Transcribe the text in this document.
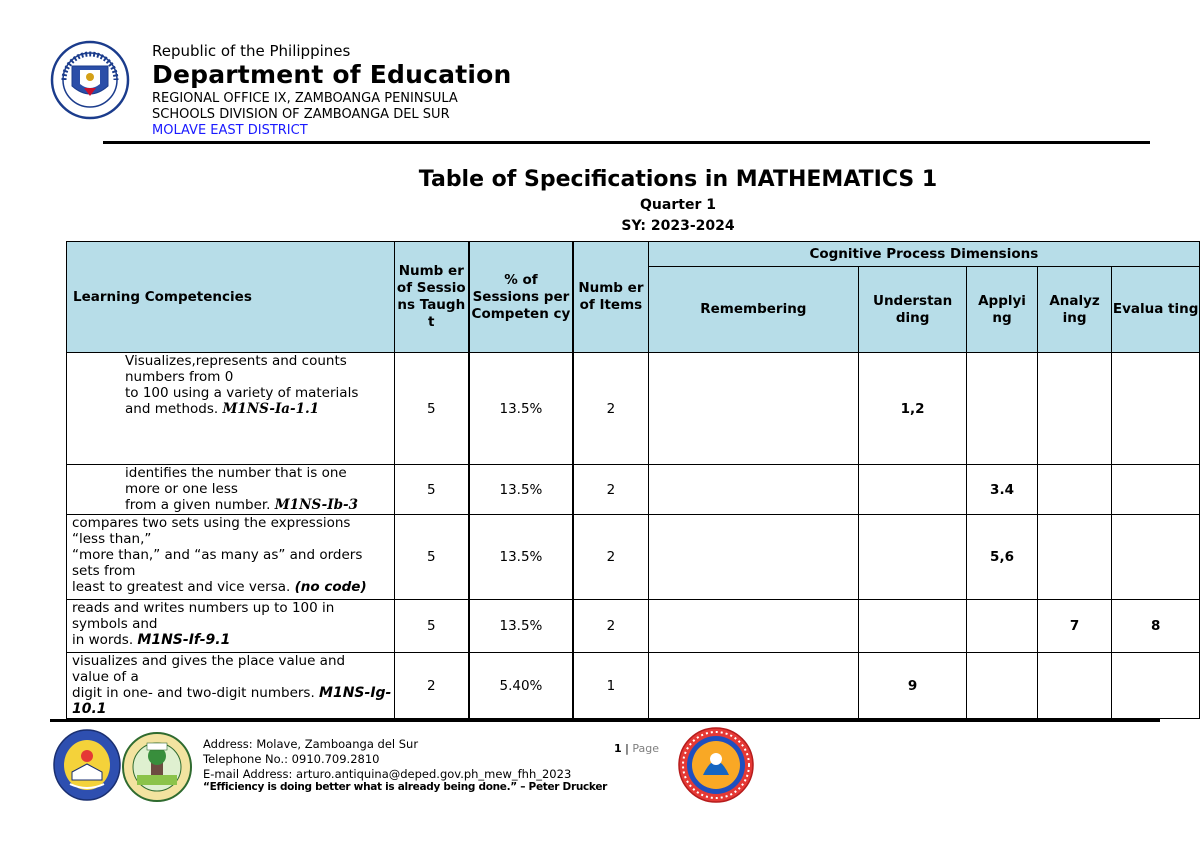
Republic of the Philippines
Department of Education
REGIONAL OFFICE IX, ZAMBOANGA PENINSULA
SCHOOLS DIVISION OF ZAMBOANGA DEL SUR
MOLAVE EAST DISTRICT
Table of Specifications in MATHEMATICS 1
Quarter 1
SY: 2023-2024
Learning Competencies	Numb er of Sessio ns Taugh t	% of Sessions per Competen cy	Numb er of Items	Cognitive Process Dimensions				
				Remembering	Understan ding	Applyi ng	Analyz ing	Evalua ting

Visualizes,represents and counts
numbers from 0
to 100 using a variety of materials
and methods. M1NS-Ia-1.1	5	13.5%	2		1,2			

identifies the number that is one
more or one less
from a given number. M1NS-Ib-3	5	13.5%	2			3.4		

compares two sets using the expressions
“less than,”
“more than,” and “as many as” and orders
sets from
least to greatest and vice versa. (no code)	5	13.5%	2			5,6		

reads and writes numbers up to 100 in
symbols and
in words. M1NS-If-9.1	5	13.5%	2				7	8

visualizes and gives the place value and
value of a
digit in one- and two-digit numbers. M1NS-Ig-10.1	2	5.40%	1		9			
Address: Molave, Zamboanga del Sur
Telephone No.: 0910.709.2810
E-mail Address: arturo.antiquina@deped.gov.ph_mew_fhh_2023
“Efficiency is doing better what is already being done.” – Peter Drucker
1 | Page
